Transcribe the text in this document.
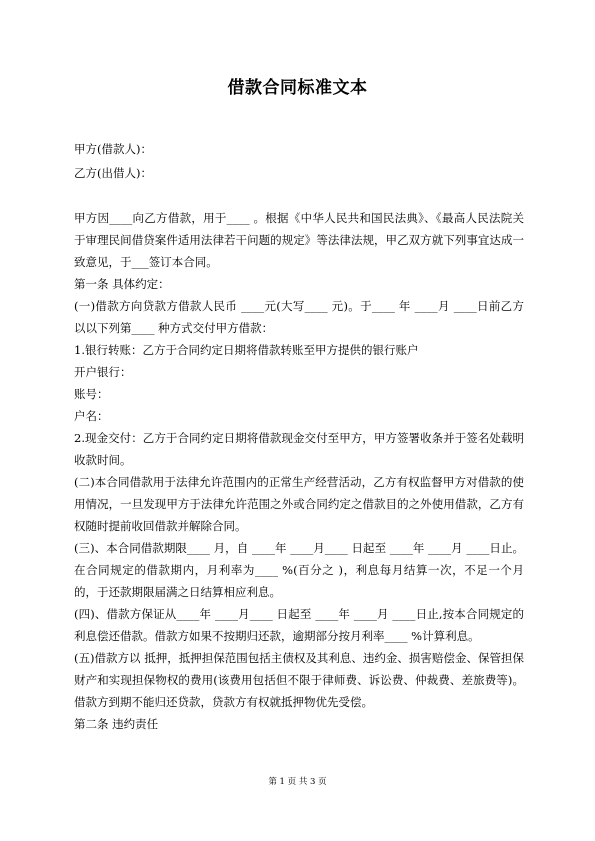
借款合同标准文本
甲方(借款人)：
乙方(出借人)：

甲方因____向乙方借款，用于____ 。根据《中华人民共和国民法典》、《最高人民法院关于审理民间借贷案件适用法律若干问题的规定》等法律法规，甲乙双方就下列事宜达成一致意见，于___签订本合同。

第一条 具体约定：

(一)借款方向贷款方借款人民币 ____元(大写____ 元)。于____ 年 ____月 ____日前乙方以以下列第____ 种方式交付甲方借款：

1.银行转账：乙方于合同约定日期将借款转账至甲方提供的银行账户

开户银行：

账号：

户名：

2.现金交付：乙方于合同约定日期将借款现金交付至甲方，甲方签署收条并于签名处载明收款时间。

(二)本合同借款用于法律允许范围内的正常生产经营活动，乙方有权监督甲方对借款的使用情况，一旦发现甲方于法律允许范围之外或合同约定之借款目的之外使用借款，乙方有权随时提前收回借款并解除合同。

(三)、本合同借款期限____ 月，自 ____年 ____月____ 日起至 ____年 ____月 ____日止。在合同规定的借款期内，月利率为____ %(百分之 )，利息每月结算一次，不足一个月的，于还款期限届满之日结算相应利息。

(四)、借款方保证从____年 ____月____ 日起至 ____年 ____月 ____日止,按本合同规定的利息偿还借款。借款方如果不按期归还款，逾期部分按月利率____ %计算利息。

(五)借款方以 抵押，抵押担保范围包括主债权及其利息、违约金、损害赔偿金、保管担保财产和实现担保物权的费用(该费用包括但不限于律师费、诉讼费、仲裁费、差旅费等)。借款方到期不能归还贷款，贷款方有权就抵押物优先受偿。

第二条 违约责任

第 1 页 共 3 页
